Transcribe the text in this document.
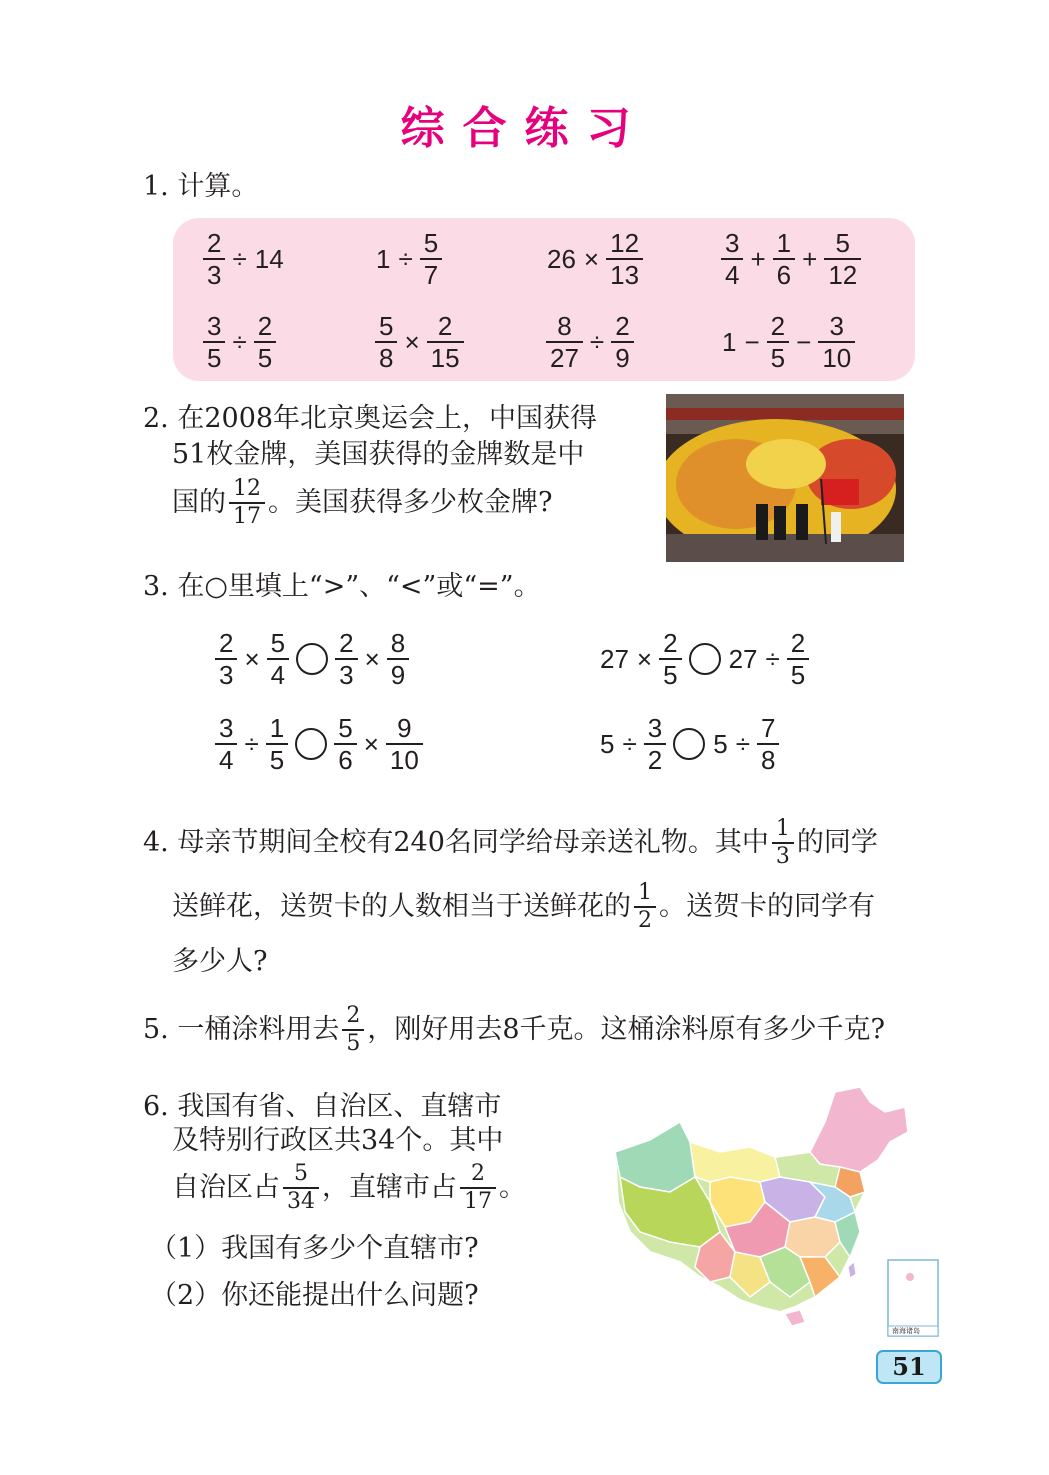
综合练习
1. 计算。
$\frac{2}{3} \div 14$	$1 \div \frac{5}{7}$	$26 \times \frac{12}{13}$	$\frac{3}{4} + \frac{1}{6} + \frac{5}{12}$
$\frac{3}{5} \div \frac{2}{5}$	$\frac{5}{8} \times \frac{2}{15}$	$\frac{8}{27} \div \frac{2}{9}$	$1 - \frac{2}{5} - \frac{3}{10}$
2. 在2008年北京奥运会上，中国获得
51枚金牌，美国获得的金牌数是中
国的 $\frac{12}{17}$ 。美国获得多少枚金牌?
3. 在○里填上“>”、“<”或“=”。
$\frac{2}{3} \times \frac{5}{4} \frac{2}{3} \times \frac{8}{9}$	$27 \times \frac{2}{5} 27 \div \frac{2}{5}$
$\frac{3}{4} \div \frac{1}{5} \frac{5}{6} \times \frac{9}{10}$	$5 \div \frac{3}{2} 5 \div \frac{7}{8}$
4. 母亲节期间全校有240名同学给母亲送礼物。其中 $\frac{1}{3}$ 的同学
送鲜花，送贺卡的人数相当于送鲜花的 $\frac{1}{2}$ 。送贺卡的同学有
多少人?
5. 一桶涂料用去 $\frac{2}{5}$ ，刚好用去8千克。这桶涂料原有多少千克?
6. 我国有省、自治区、直辖市
及特别行政区共34个。其中
自治区占 $\frac{5}{34}$ ，直辖市占 $\frac{2}{17}$ 。
（1）我国有多少个直辖市?
（2）你还能提出什么问题?
南海诸岛
51
